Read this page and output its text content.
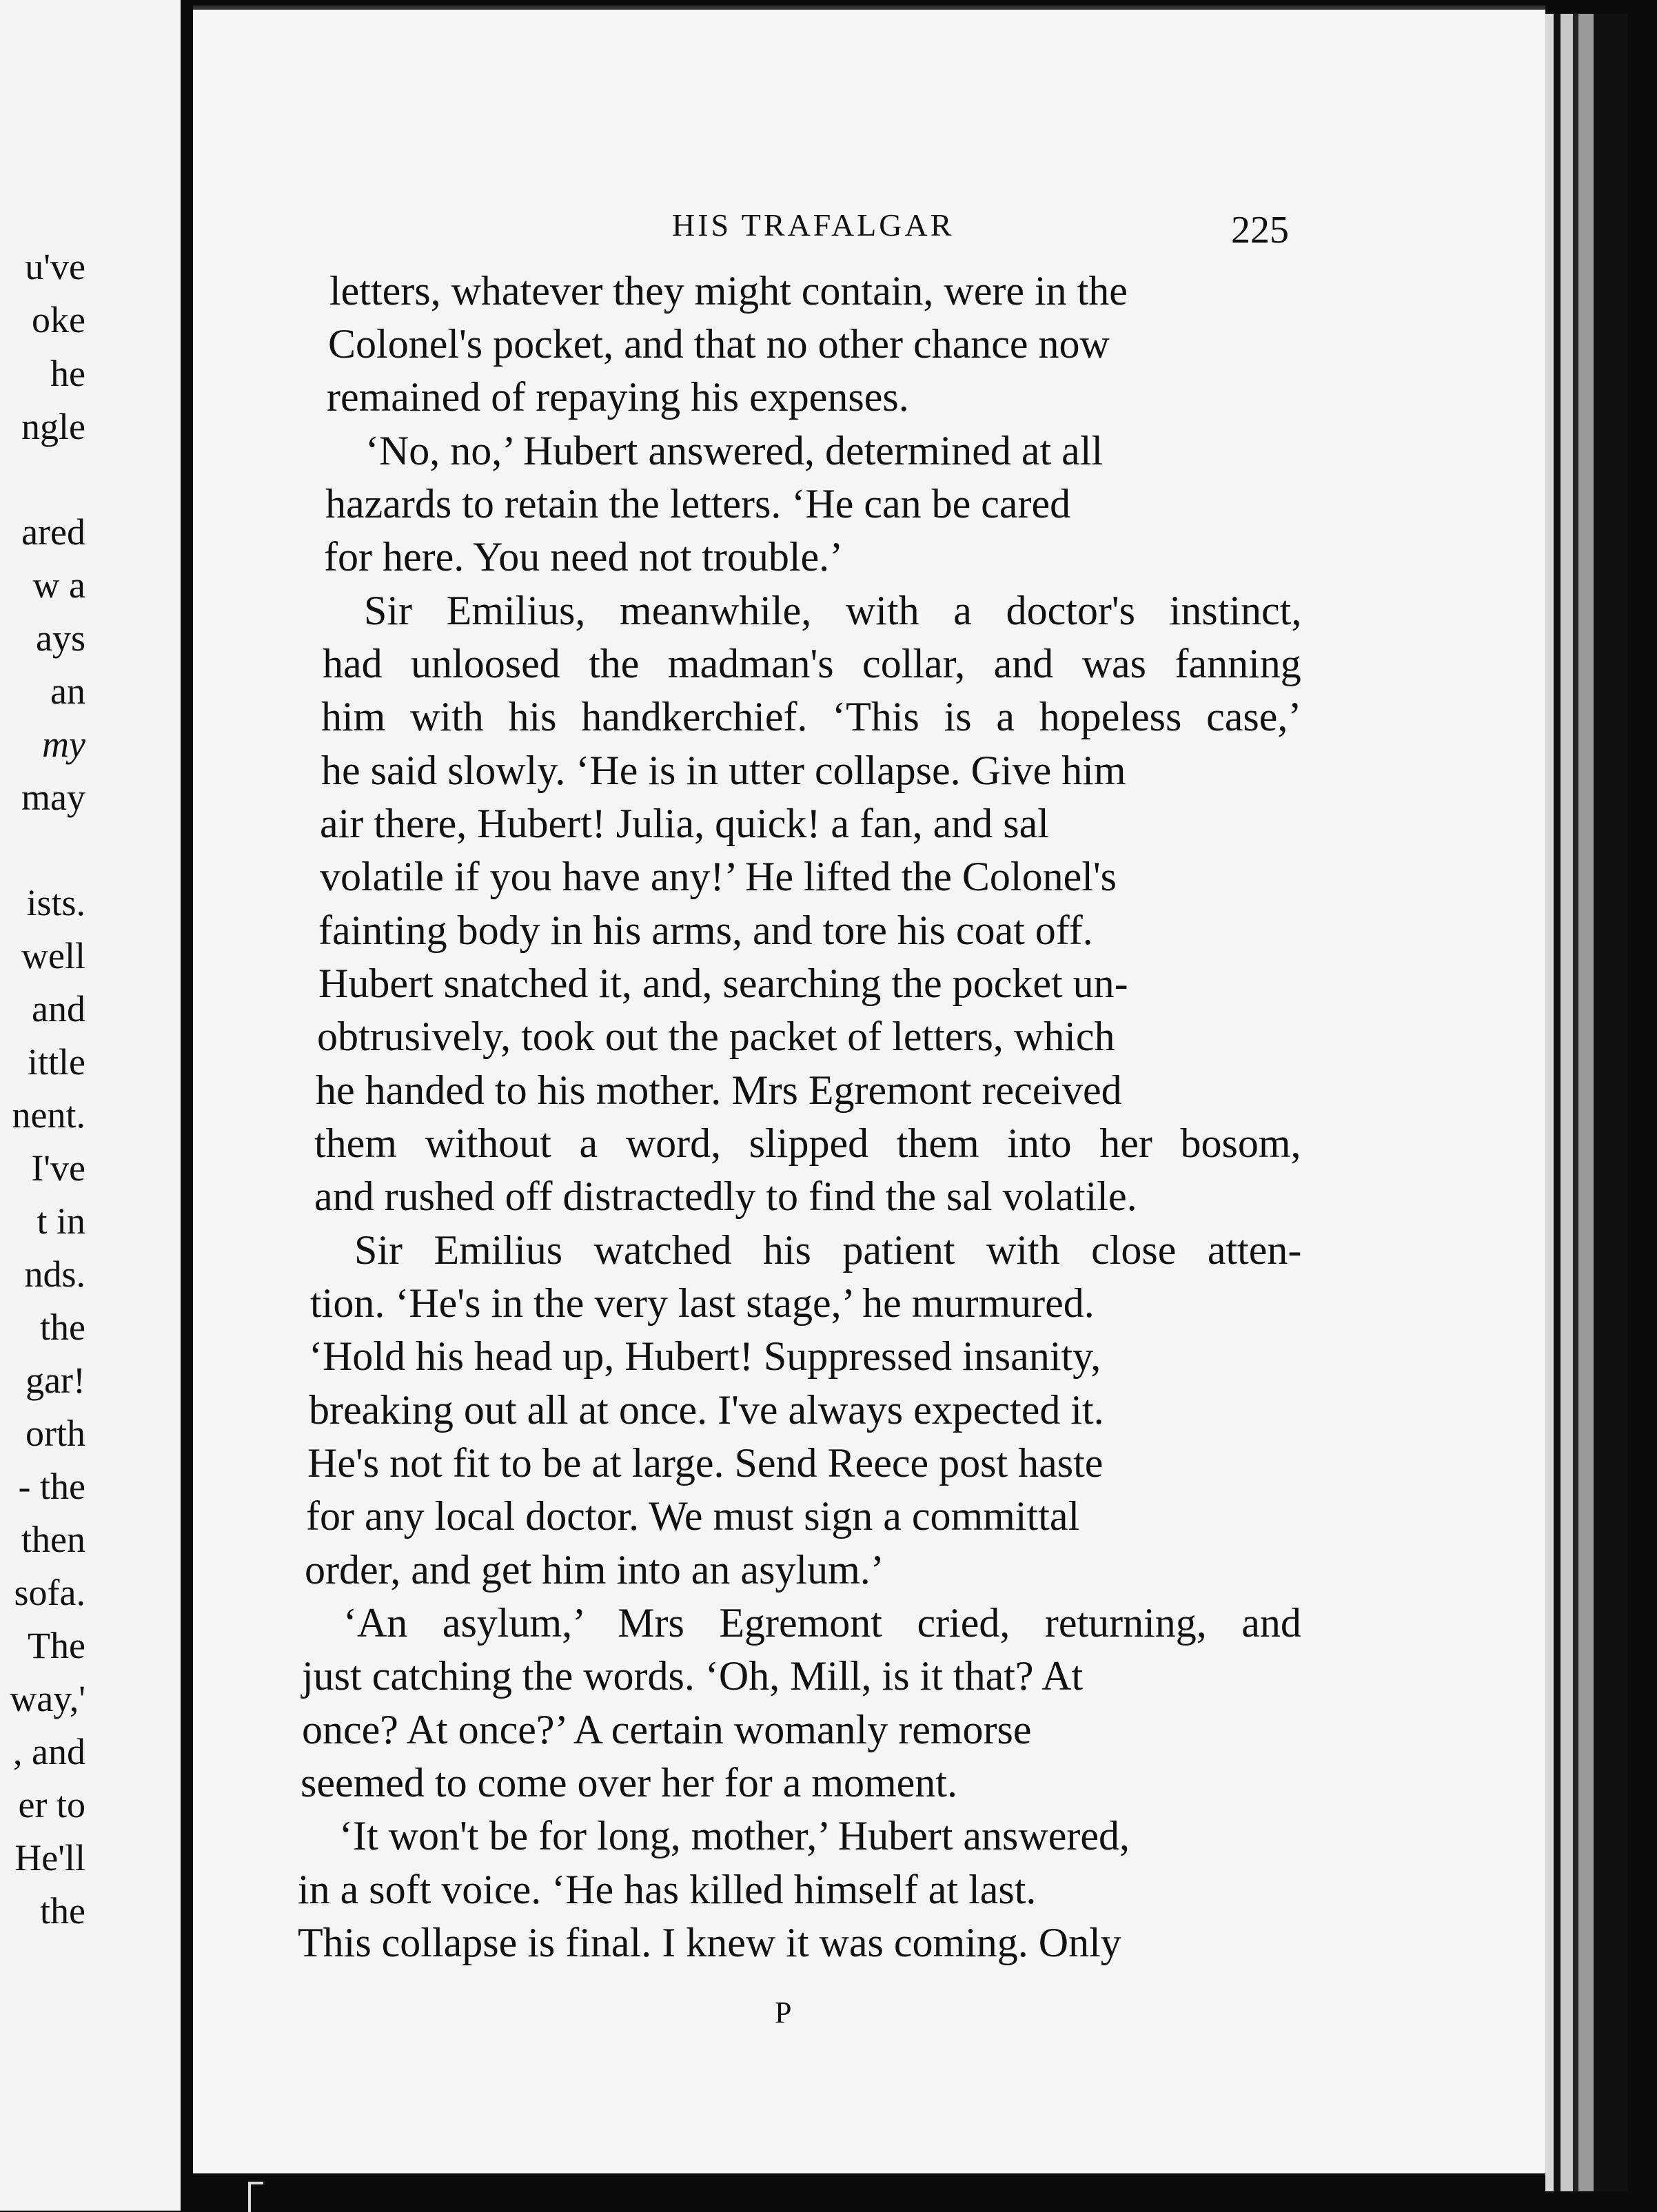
u've
oke
he
ngle
ared
w a
ays
an
my
may
ists.
well
and
ittle
nent.
I've
t in
nds.
the
gar!
orth
- the
then
sofa.
The
way,'
, and
er to
He'll
the
HIS TRAFALGAR	225
letters, whatever they might contain, were in the
Colonel's pocket, and that no other chance now
remained of repaying his expenses.
‘No, no,’ Hubert answered, determined at all
hazards to retain the letters. ‘He can be cared
for here. You need not trouble.’
Sir Emilius, meanwhile, with a doctor's instinct,
had unloosed the madman's collar, and was fanning
him with his handkerchief. ‘This is a hopeless case,’
he said slowly. ‘He is in utter collapse. Give him
air there, Hubert! Julia, quick! a fan, and sal
volatile if you have any!’ He lifted the Colonel's
fainting body in his arms, and tore his coat off.
Hubert snatched it, and, searching the pocket un-
obtrusively, took out the packet of letters, which
he handed to his mother. Mrs Egremont received
them without a word, slipped them into her bosom,
and rushed off distractedly to find the sal volatile.
Sir Emilius watched his patient with close atten-
tion. ‘He's in the very last stage,’ he murmured.
‘Hold his head up, Hubert! Suppressed insanity,
breaking out all at once. I've always expected it.
He's not fit to be at large. Send Reece post haste
for any local doctor. We must sign a committal
order, and get him into an asylum.’
‘An asylum,’ Mrs Egremont cried, returning, and
just catching the words. ‘Oh, Mill, is it that? At
once? At once?’ A certain womanly remorse
seemed to come over her for a moment.
‘It won't be for long, mother,’ Hubert answered,
in a soft voice. ‘He has killed himself at last.
This collapse is final. I knew it was coming. Only
P
